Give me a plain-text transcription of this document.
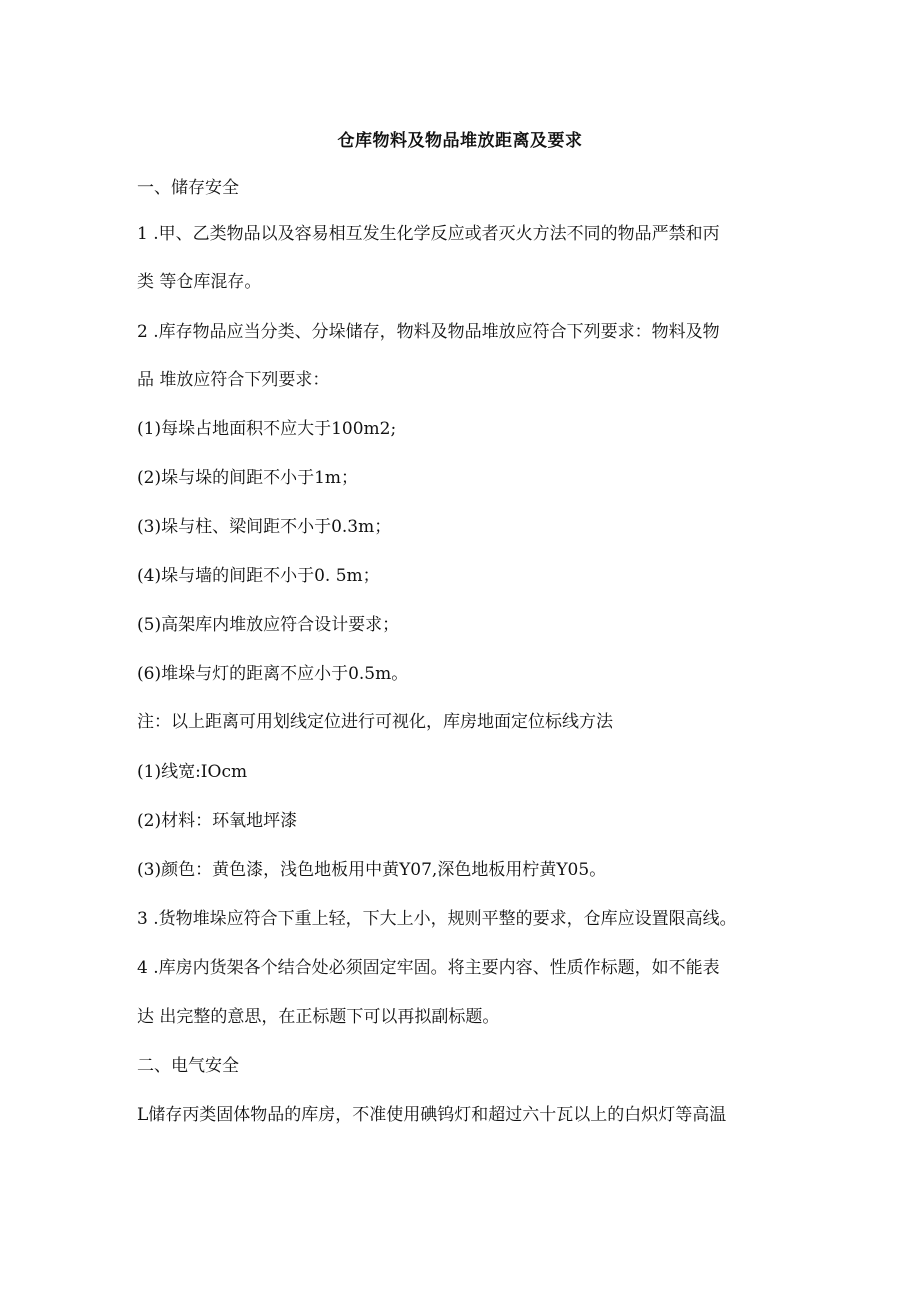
仓库物料及物品堆放距离及要求
一、储存安全
1 .甲、乙类物品以及容易相互发生化学反应或者灭火方法不同的物品严禁和丙
类 等仓库混存。
2 .库存物品应当分类、分垛储存，物料及物品堆放应符合下列要求：物料及物
品 堆放应符合下列要求：
(1)每垛占地面积不应大于100m2;
(2)垛与垛的间距不小于1m；
(3)垛与柱、梁间距不小于0.3m；
(4)垛与墙的间距不小于0. 5m；
(5)高架库内堆放应符合设计要求；
(6)堆垛与灯的距离不应小于0.5m。
注：以上距离可用划线定位进行可视化，库房地面定位标线方法
(1)线宽:IOcm
(2)材料：环氧地坪漆
(3)颜色：黄色漆，浅色地板用中黄Y07,深色地板用柠黄Y05。
3 .货物堆垛应符合下重上轻，下大上小，规则平整的要求，仓库应设置限高线。
4 .库房内货架各个结合处必须固定牢固。将主要内容、性质作标题，如不能表
达 出完整的意思，在正标题下可以再拟副标题。
二、电气安全
L储存丙类固体物品的库房，不准使用碘钨灯和超过六十瓦以上的白炽灯等高温
